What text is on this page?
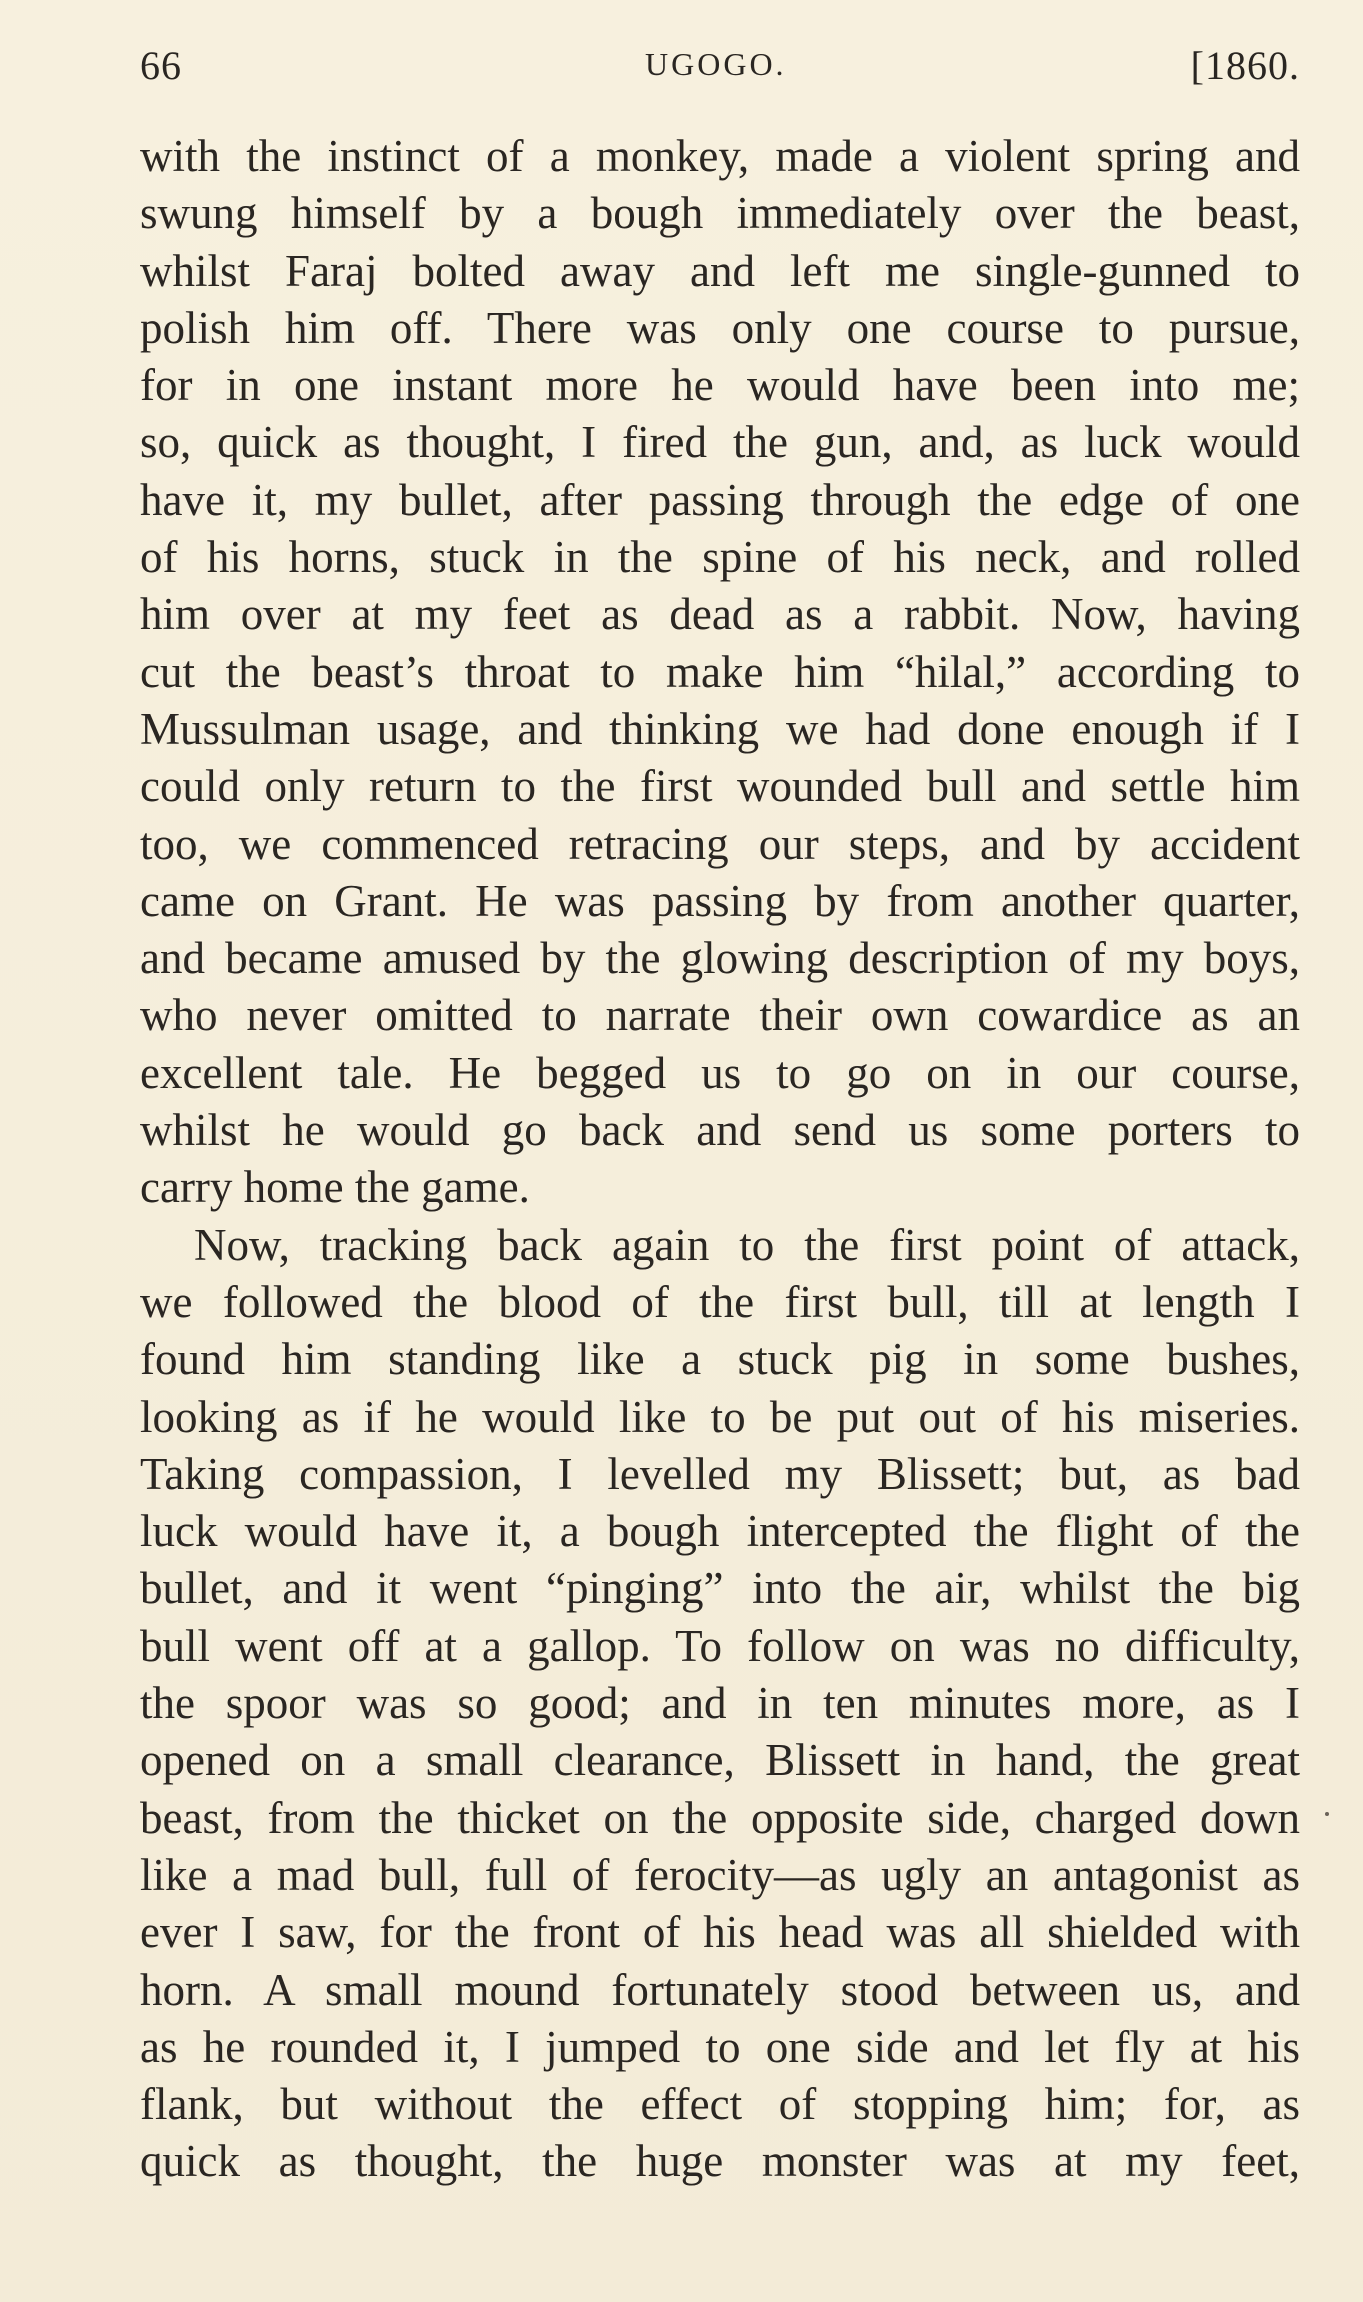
66	UGOGO.	[1860.
with the instinct of a monkey, made a violent spring and
swung himself by a bough immediately over the beast,
whilst Faraj bolted away and left me single-gunned to
polish him off. There was only one course to pursue,
for in one instant more he would have been into me;
so, quick as thought, I fired the gun, and, as luck would
have it, my bullet, after passing through the edge of one
of his horns, stuck in the spine of his neck, and rolled
him over at my feet as dead as a rabbit. Now, having
cut the beast’s throat to make him “hilal,” according to
Mussulman usage, and thinking we had done enough if I
could only return to the first wounded bull and settle him
too, we commenced retracing our steps, and by accident
came on Grant. He was passing by from another quarter,
and became amused by the glowing description of my boys,
who never omitted to narrate their own cowardice as an
excellent tale. He begged us to go on in our course,
whilst he would go back and send us some porters to
carry home the game.
Now, tracking back again to the first point of attack,
we followed the blood of the first bull, till at length I
found him standing like a stuck pig in some bushes,
looking as if he would like to be put out of his miseries.
Taking compassion, I levelled my Blissett; but, as bad
luck would have it, a bough intercepted the flight of the
bullet, and it went “pinging” into the air, whilst the big
bull went off at a gallop. To follow on was no difficulty,
the spoor was so good; and in ten minutes more, as I
opened on a small clearance, Blissett in hand, the great
beast, from the thicket on the opposite side, charged down
like a mad bull, full of ferocity—as ugly an antagonist as
ever I saw, for the front of his head was all shielded with
horn. A small mound fortunately stood between us, and
as he rounded it, I jumped to one side and let fly at his
flank, but without the effect of stopping him; for, as
quick as thought, the huge monster was at my feet,
